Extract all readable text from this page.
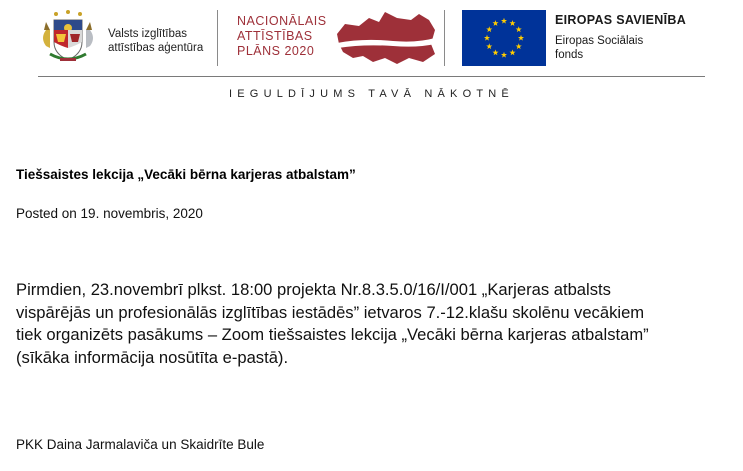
Valsts izglītības
attīstības aģentūra
NACIONĀLAIS
ATTĪSTĪBAS
PLĀNS 2020
EIROPAS SAVIENĪBA
Eiropas Sociālais
fonds
IEGULDĪJUMS TAVĀ NĀKOTNĒ
Tiešsaistes lekcija „Vecāki bērna karjeras atbalstam”
Posted on 19. novembris, 2020
Pirmdien, 23.novembrī plkst. 18:00 projekta Nr.8.3.5.0/16/I/001 „Karjeras atbalsts
vispārējās un profesionālās izglītības iestādēs” ietvaros 7.-12.klašu skolēnu vecākiem
tiek organizēts pasākums – Zoom tiešsaistes lekcija „Vecāki bērna karjeras atbalstam”
(sīkāka informācija nosūtīta e-pastā).
PKK Daina Jarmalaviča un Skaidrīte Bule
